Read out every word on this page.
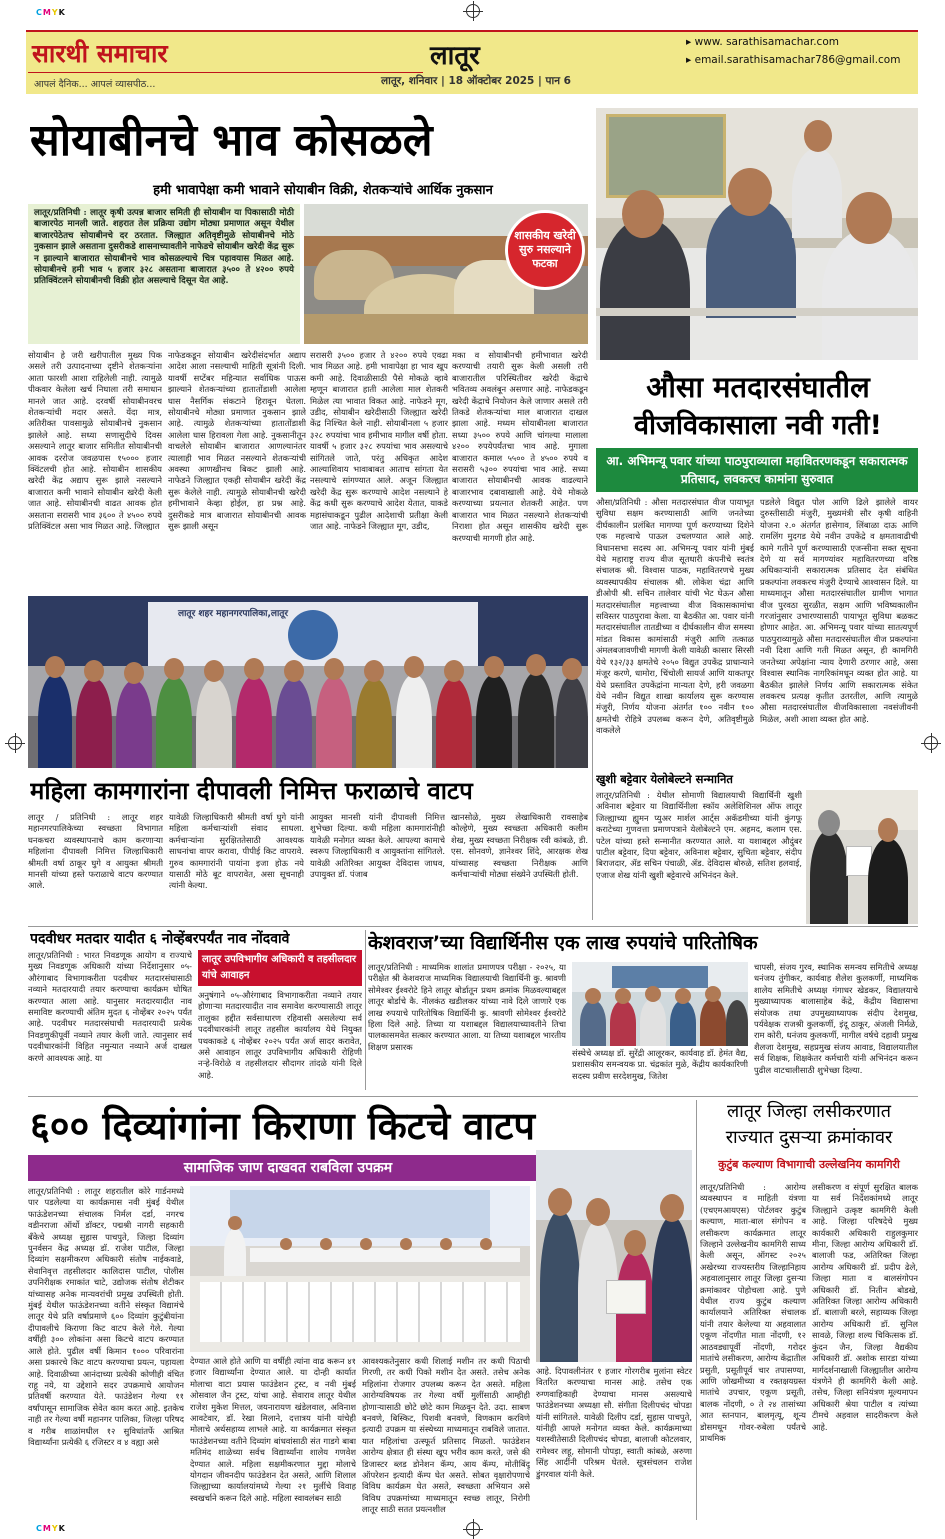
CMYK
CMYK
सारथी समाचार
आपलं दैनिक... आपलं व्यासपीठ...
लातूर
लातूर, शनिवार | 18 ऑक्टोबर 2025 | पान 6
▸ www. sarathisamachar.com
▸ email.sarathisamachar786@gmail.com
सोयाबीनचे भाव कोसळले
हमी भावापेक्षा कमी भावाने सोयाबीन विक्री, शेतकऱ्यांचे आर्थिक नुकसान
लातूर/प्रतिनिधी : लातूर कृषी उत्पन्न बाजार समिती ही सोयाबीन या पिकासाठी मोठी बाजारपेठ मानली जाते. शहरात तेल प्रक्रिया उद्योग मोठ्या प्रमाणात असून येथील बाजारपेठेतच सोयाबीनचे दर ठरतात. जिल्ह्यात अतिवृष्टीमुळे सोयाबीनचे मोठे नुकसान झाले असताना दुसरीकडे शासनाच्यावतीने नाफेडचे सोयाबीन खरेदी केंद्र सुरू न झाल्याने बाजारात सोयाबीनचे भाव कोसळल्याचे चित्र पहावयास मिळत आहे. सोयाबीनचे हमी भाव ५ हजार ३२८ असताना बाजारात ३५०० ते ४२०० रुपये प्रतिक्विंटलने सोयाबीनची विक्री होत असल्याचे दिसून येत आहे.
शासकीय खरेदी सुरु नसल्याने फटका
सोयाबीन हे जरी खरीपातील मुख्य पिक असले तरी उत्पादनाच्या दृष्टीने शेतकऱ्यांना आता फारशी आशा राहिलेली नाही. त्यामुळे पीकवार केलेला खर्च निघाला तरी समाधान मानले जात आहे. दरवर्षी सोयाबीनवरच शेतकऱ्यांची मदार असते. येंदा मात्र, अतिरीक्त पावसामुळे सोयाबीनचे नुकसान झालेले आहे. सध्या सणासुदीचे दिवस असल्याने लातूर बाजार समितीत सोयाबीनची आवक दररोज जवळपास १५००० हजार क्विंटलची होत आहे. सोयाबीन शासकीय खरेदी केंद्र अद्याप सुरू झाले नसल्याने बाजारात कमी भावाने सोयाबीन खरेदी केली जात आहे. सोयाबीनची वाढत आवक होत असताना सरासरी भाव ३६०० ते ४५०० रुपये प्रतिक्विंटल असा भाव मिळत आहे. जिल्ह्यात
नाफेडकडून सोयाबीन खरेदीसंदर्भात अद्याप आदेश आला नसल्याची माहिती सूत्रांनी दिली. यावर्षी सप्टेंबर महिन्यात सर्वाधिक पाऊस झाल्याने शेतकऱ्यांच्या हातातोंडाशी आलेला घास नैसर्गिक संकटाने हिरावून घेतला. सोयाबीनचे मोठ्या प्रमाणात नुकसान झाले आहे. त्यामुळे शेतकऱ्यांच्या हातातोंडाशी आलेला घास हिरावला गेला आहे. नुकसानीतून वाचलेले सोयाबीन बाजारात आणल्यानंतर त्यालाही भाव मिळत नसल्याने शेतकऱ्यांची अवस्था आणखीनच बिकट झाली आहे. नाफेडने जिल्ह्यात एकही सोयाबीन खरेदी केंद्र सुरू केलेले नाही. त्यामुळे सोयाबीनची खरेदी हमीभावाने केव्हा होईल, हा प्रश्न आहे. दुसरीकडे मात्र बाजारात सोयाबीनची आवक सुरू झाली असून
सरासरी ३५०० हजार ते ४२०० रुपये एवढा भाव मिळत आहे. हमी भावापेक्षा हा भाव खूप कमी आहे. दिवाळीसाठी पैसे मोकळे व्हावे म्हणून बाजारात हाती आलेला माल शेतकरी मिळेल त्या भावात विकत आहे. नाफेडने मूग, उडीद, सोयाबीन खरेदीसाठी जिल्ह्यात खरेदी केंद्र निश्चित केले नाही. सोयाबीनला ५ हजार ३२८ रुपयांचा भाव हमीभाव मागील वर्षी होता. यावर्षी ५ हजार ३२८ रुपयांचा भाव असल्याचे सांगितले जाते, परंतु अधिकृत आदेश आल्याशिवाय भावाबाबत आताच सांगता येत नसल्याचे सांगण्यात आले. अजून जिल्ह्यात खरेदी केंद्र सुरू करण्याचे आदेश नसल्याने हे केंद्र कधी सुरू करण्याचे आदेश येतात, याकडे महासंघाकडून पुढील आदेशाची प्रतीक्षा केली जात आहे. नाफेडने जिल्ह्यात मूग, उडीद,
मका व सोयाबीनची हमीभावात खरेदी करण्याची तयारी सुरू केली असली तरी बाजारातील परिस्थितीवर खरेदी केंद्राचे भवितव्य अवलंबून असणार आहे. नाफेडकडून खरेदी केंद्राचे नियोजन केले जाणार असले तरी तिकडे शेतकऱ्यांचा माल बाजारात दाखल झाला आहे. मध्यम सोयाबीनला बाजारात सध्या ३५०० रुपये आणि चांगल्या मालाला ४२०० रुपयेपर्यंतचा भाव आहे. मुगाला बाजारात कमाल ५५०० ते ४५०० रुपये व सरासरी ५३०० रुपयांचा भाव आहे. सध्या बाजारात सोयाबीनची आवक वाढल्याने बाजारभाव दबावाखाली आहे. येथे मोकळे करण्याच्या प्रयत्नात शेतकरी आहेत. पण बाजारात भाव मिळत नसल्याने शेतकऱ्यांची निराशा होत असून शासकीय खरेदी सुरू करण्याची मागणी होत आहे.
औसा मतदारसंघातील
वीजविकासाला नवी गती!
आ. अभिमन्यू पवार यांच्या पाठपुराव्याला महावितरणकडून सकारात्मक प्रतिसाद, लवकरच कामांना सुरुवात
औसा/प्रतिनिधी : औसा मतदारसंघात वीज पायाभूत सुविधा सक्षम करण्यासाठी आणि जनतेच्या दीर्घकालीन प्रलंबित मागण्या पूर्ण करण्याच्या दिशेने एक महत्त्वाचे पाऊल उचलण्यात आले आहे. विधानसभा सदस्य आ. अभिमन्यू पवार यांनी मुंबई येथे महाराष्ट्र राज्य वीज सूतधारी कंपनीचे स्वतंत्र संचालक श्री. विश्वास पाठक, महावितरणचे मुख्य व्यवस्थापकीय संचालक श्री. लोकेश चंद्रा आणि डीओपी श्री. सचिन तालेवार यांची भेट घेऊन औसा मतदारसंघातील महत्त्वाच्या वीज विकासकामांचा सविस्तर पाठपुरावा केला. या बैठकीत आ. पवार यांनी मतदारसंघातील तातडीच्या व दीर्घकालीन वीज समस्या मांडत विकास कामांसाठी मंजुरी आणि तत्काळ अंमलबजावणीची मागणी केली यावेळी कासार सिरसी येथे १३२/३३ क्षमतेचे २०५० विद्युत उपकेंद्र प्राधान्याने मंजूर करणे, धामोरा, चिंचोली सायर्ज आणि याकतपूर येथे प्रस्तावित उपकेंद्रांना मान्यता देणे, हरी जवळगा येथे नवीन विद्युत शाखा कार्यालय सुरू करण्यास मंजुरी, निर्णय योजना अंतर्गत १०० नवीन १०० क्षमतेची रोहित्रे उपलब्ध करून देणे, अतिवृष्टीमुळे वाकलेले
पडलेले विद्युत पोल आणि ढिले झालेले वायर दुरुस्तीसाठी मंजुरी, मुख्यमंत्री सौर कृषी वाहिनी योजना २.० अंतर्गत हासेगाव, लिंबाळा दाऊ आणि रामलिंग मुदगड येथे नवीन उपकेंद्रे व क्षमतावाढीची कामे गतीने पूर्ण करण्यासाठी एजन्सीना सक्त सूचना देणे या सर्व मागण्यांवर महावितरणच्या वरिष्ठ अधिकाऱ्यांनी सकारात्मक प्रतिसाद देत संबंधित प्रकल्पांना लवकरच मंजुरी देण्याचे आश्वासन दिले. या माध्यमातून औसा मतदारसंघातील ग्रामीण भागात वीज पुरवठा सुरळीत, सक्षम आणि भविष्यकालीन गरजांनुसार उभारण्यासाठी पायाभूत सुविधा बळकट होणार आहेत. आ. अभिमन्यू पवार यांच्या सातत्यपूर्ण पाठपुराव्यामुळे औसा मतदारसंघातील वीज प्रकल्पांना नवी दिशा आणि गती मिळत असून, ही कामगिरी जनतेच्या अपेक्षांना न्याय देणारी ठरणार आहे, असा विश्वास स्थानिक नागरिकांमधून व्यक्त होत आहे. या बैठकीत झालेले निर्णय आणि सकारात्मक संकेत लवकरच प्रत्यक्ष कृतीत उतरतील, आणि त्यामुळे औसा मतदारसंघातील वीजविकासाला नवसंजीवनी मिळेल, अशी आशा व्यक्त होत आहे.
लातूर शहर महानगरपालिका,लातूर
महिला कामगारांना दीपावली निमित्त फराळाचे वाटप
लातूर / प्रतिनिधी : लातूर शहर महानगरपालिकेच्या स्वच्छता विभागात घनकचरा व्यवस्थापनाचे काम करणाऱ्या महिलांना दीपावली निमित्त जिल्हाधिकारी श्रीमती वर्षा ठाकूर घुगे व आयुक्त श्रीमती मानसी यांच्या हस्ते फराळाचे वाटप करण्यात आले.
यावेळी जिल्हाधिकारी श्रीमती वर्षा घुगे यांनी महिला कर्मचाऱ्यांशी संवाद साधला. कर्मचाऱ्यांना सुरक्षिततेसाठी आवश्यक साधनांचा वापर करावा, पीपीई किट वापरावे. गुरुव कामगारांनी पायांना इजा होऊ नये यासाठी मोठे बूट वापरावेत, असा सूचनाही त्यांनी केल्या.
आयुक्त मानसी यांनी दीपावली निमित्त शुभेच्छा दिल्या. कधी महिला कामगारांनीही यावेळी मनोगत व्यक्त केले. आपल्या कामाचे स्वरूप जिल्हाधिकारी व आयुक्तांना सांगितले. यावेळी अतिरिक्त आयुक्त देविदास जाधव, उपायुक्त डॉ. पंजाब
खानसोळे, मुख्य लेखाधिकारी रावसाहेब कोल्हेणे, मुख्य स्वच्छता अधिकारी कलीम शेख, मुख्य स्वच्छता निरीक्षक रवी कांबळे, डी. एस. सोनवणे, ज्ञानेश्वर शिंदे, आरक्षक शेख यांच्यासह स्वच्छता निरीक्षक आणि कर्मचाऱ्यांची मोठ्या संख्येने उपस्थिती होती.
खुशी बट्टेवार येलोबेल्टने सन्मानित
लातूर/प्रतिनिधी : येथील सोमाणी विद्यालयाची विद्यार्थिनी खुशी अविनाश बट्टेवार या विद्यार्थिनीला स्कॉय अलेशिशिनल ऑफ लातूर जिल्ह्याच्या ह्युमन प्युअर मार्शल आर्ट्स अकॅडमीच्या यांनी कुंगफू कराटेच्या गुणवत्ता प्रमाणपत्राने येलोबेल्टने एम. अहमद, कलाम एस. पटेल यांच्या हस्ते सन्मानीत करण्यात आले. या यशाबद्दल औदुंबर पाटील बट्टेवार, दिपा बट्टेवार, अविनाश बट्टेवार, सुचिता बट्टेवार, संदीप बिराजदार, ॲड सचिन पंचाळी, ॲड. देविदास बोरुळे, सतिश हलवाई, एजाज शेख यांनी खुशी बट्टेवारचे अभिनंदन केले.
पदवीधर मतदार यादीत ६ नोव्हेंबरपर्यंत नाव नोंदवावे
लातूर उपविभागीय अधिकारी व तहसीलदार यांचे आवाहन
लातूर/प्रतिनिधी : भारत निवडणूक आयोग व राज्याचे मुख्य निवडणूक अधिकारी यांच्या निर्देशानुसार ०५-औरंगाबाद विभागाकरीता पदवीधर मतदारसंघासाठी नव्याने मतदारयादी तयार करण्याचा कार्यक्रम घोषित करण्यात आला आहे. यानुसार मतदारयादीत नाव समाविष्ट करण्याची अंतिम मुदत ६ नोव्हेंबर २०२५ पर्यंत आहे. पदवीधर मतदारसंघाची मतदारयादी प्रत्येक निवडणुकीपूर्वी नव्याने तयार केली जाते. त्यानुसार सर्व पदवीधारकांनी विहित नमुन्यात नव्याने अर्ज दाखल करणे आवश्यक आहे. या
अनुषंगाने ०५-औरंगाबाद विभागाकरीता नव्याने तयार होणाऱ्या मतदारयादीत नाव समावेश करण्यासाठी लातूर तालुका हद्दीत सर्वसाधारण रहिवासी असलेल्या सर्व पदवीधारकांनी लातूर तहसील कार्यालय येथे नियुक्त पथकाकडे ६ नोव्हेंबर २०२५ पर्यंत अर्ज सादर करावेत, असे आवाहन लातूर उपविभागीय अधिकारी रोहिणी नऱ्हे-विरोळे व तहसीलदार सौदागर तांदळे यांनी दिले आहे.
केशवराज’च्या विद्यार्थिनीस एक लाख रुपयांचे पारितोषिक
लातूर/प्रतिनिधी : माध्यमिक शालांत प्रमाणपत्र परीक्षा - २०२५, या परीक्षेत श्री केशवराज माध्यमिक विद्यालयाची विद्यार्थिनी कु. श्रावणी सोमेश्वर ईश्वरोटे हिने लातूर बोर्डातून प्रथम क्रमांक मिळवल्याबद्दल लातूर बोर्डाचे कै. नीलकंठ खडीलकर यांच्या नावे दिले जाणारे एक लाख रुपयाचे पारितोषिक विद्यार्थिनी कु. श्रावणी सोमेश्वर ईश्वरोटे हिला दिले आहे. तिच्या या यशाबद्दल विद्यालयाच्यावतीने तिचा पालकासमवेत सत्कार करण्यात आला. या तिच्या यशाबद्दल भारतीय शिक्षण प्रसारक
संस्थेचे अध्यक्ष डॉ. सुरेंद्री आलूरकर, कार्यवाह डॉ. हेमंत वैद्य, प्रशासकीय समन्वयक प्रा. चंद्रकांत मुळे, केंद्रीय कार्यकारिणी सदस्य प्रवीण सरदेशमुख, जितेश
चापसी, संजय गुरव, स्थानिक समन्वय समितीचे अध्यक्ष धनंजय तुंगीकर, कार्यवाह शैलेश कुलकर्णी, माध्यमिक शालेय समितीचे अध्यक्ष गंगाधर खेडकर, विद्यालयाचे मुख्याध्यापक बालासाहेब केंद्रे, केंद्रीय विद्यासभा संयोजक तथा उपमुख्याध्यापक संदीप देशमुख, पर्यवेक्षक राजश्री कुलकर्णी, इंदू ठाकूर, अंजली निर्मळे, राम कोरी, धनंजय कुलकर्णी, मागील वर्षचे दहावी प्रमुख शैलजा देशमुख, सहप्रमुख संजय आवाड, विद्यालयातील सर्व शिक्षक, शिक्षकेतर कर्मचारी यांनी अभिनंदन करून पुढील वाटचालीसाठी शुभेच्छा दिल्या.
६०० दिव्यांगांना किराणा किटचे वाटप
सामाजिक जाण दाखवत राबविला उपक्रम
लातूर/प्रतिनिधी : लातूर शहरातील कोरे गार्डनमध्ये पार पडलेल्या या कार्यक्रमास नवी मुंबई येथील फाऊंडेशनच्या संचालक निर्मल दर्डा, नगरच वडीनराजा ऑर्थो डॉक्टर, पद्मश्री नागरी सहकारी बँकेचे अध्यक्ष सुहास पाचपुते, जिल्हा दिव्यांग पुनर्वसन केंद्र अध्यक्ष डॉ. राजेश पाटील, जिल्हा दिव्यांग सक्षमीकरण अधिकारी संतोष नाईकवाडे, सेवानिवृत्त तहसीलदार कालिदास पाटील, पोलीस उपनिरीक्षक रमाकांत चाटे, उद्योजक संतोष शेटीकर यांच्यासह अनेक मान्यवरांची प्रमुख उपस्थिती होती. मुंबई येथील फाऊंडेशनच्या वतीने संस्कृत विद्यामंचे लातूर येथे प्रति वर्षाप्रमाणे ६०० दिव्यांग कुटुंबीयांना दीपावलीचे किराणा किट वाटप केले गेले. गेल्या वर्षीही ३०० लोकांना असा किटचे वाटप करण्यात आले होते. पुढील वर्षी किमान १००० परिवारांना असा प्रकारचे किट वाटप करण्याचा प्रयत्न, पहायला आहे. दिवाळीच्या आनंदाच्या प्रत्येकी कोणीही वंचित राहू नये, या उद्देशाने सदर उपक्रमाचे आयोजन प्रतिवर्षी करण्यात येते. फाउंडेशन गेल्या ११ वर्षांपासून सामाजिक सेवेत काम करत आहे. इतकेच नाही तर गेल्या वर्षी महानगर पालिका, जिल्हा परिषद व गरीब शाळांमधील १२ सुविधांतर्फे आश्रित विद्यार्थ्यांना प्रत्येकी ६ रजिस्टर व ४ वह्या असे
देण्यात आले होते आणि या वर्षीही त्यांना वाढ करून ४१ हजार विद्यार्थ्यांना देण्यात आले. या दोन्ही कार्यात मोलाचा वाटा प्रयास फाउंडेशन ट्रस्ट, व नवी मुंबई ओसवाल जैन ट्रस्ट, यांचा आहे. सेवाराव लातूर येथील राजेश मुकेश मित्तल, जयनारायण खंडेलवाल, अविनाश आवटेवार, डॉ. रेखा मिलाने, दत्तात्रय यांनी यांचेही मोलाचे अर्थसहाय्य लाभले आहे. या कार्यक्रमात संस्कृत फाउंडेशनच्या वतीने दिव्यांग बांधवांसाठी संत गाडगे बाबा मतिमंद शाळेच्या सर्वच विद्यार्थ्यांना शालेय गणवेश देण्यात आले. महिला सक्षमीकरणात मुद्दा मोलाचे योगदान जीवनदीप फाउंडेशन देत असते, आणि शिलाल जिल्ह्याच्या कार्यालयांमध्ये गेल्या २१ मुलींचे विवाह स्वखर्चाने करून दिले आहे. महिला स्वावलंबन साठी
आवश्यकतेनुसार कधी शिलाई मशीन तर कधी पिठाची गिरणी, तर कधी पिको मशीन देत असते. तसेच अनेक महिलांना रोजगार उपलब्ध करून देत असते. महिला आरोग्यविषयक तर गेल्या वर्षी मुलींसाठी आम्हीही होणाऱ्यासाठी छोटे छोटे काम मिळवून देते. उदा. साबण बनवणे, बिस्किट, पिशवी बनवणे, विणकाम करविणे इत्यादी उपक्रम या संस्थेच्या माध्यमातून राबविले जातात. यात महिलांचा उत्स्फूर्त प्रतिसाद मिळतो. फाउंडेशन आरोग्य क्षेत्रात ही संस्था खूप भरीव काम करते, जसे की डिजास्टर ब्लड डोनेशन कॅम्प, आय कॅम्प, मोतीबिंदू ऑपरेशन इत्यादी कॅम्प घेत असते. सोबत वृक्षारोपणाचे विविध कार्यक्रम घेत असते, स्वच्छता अभियान असे विविध उपक्रमांच्या माध्यमातून स्वच्छ लातूर, निरोगी लातूर साठी सतत प्रयत्नशील
आहे. दिपावलीनंतर १ हजार गोरगरीब मुलांना स्वेटर वितरित करण्याचा मानस आहे. तसेच एक रुग्णवाहिकाही देण्याचा मानस असल्याचे फाउंडेशनच्या अध्यक्षा सौ. संगीता दिलीपचंद चोपडा यांनी सांगितले. यावेळी दिलीप दर्डा, सुहास पाचपुते, यांनीही आपले मनोगत व्यक्त केले. कार्यक्रमाच्या यशस्वीतेसाठी दिलीपचंद चोपडा, बालाजी कोटलवार, रामेश्वर लहू, सोमानी पोपड़ा, स्वाती कांबळे, अरुणा सिंह आदींनी परिश्रम घेतले. सूत्रसंचलन राजेश डुंगरवाल यांनी केले.
लातूर जिल्हा लसीकरणात
राज्यात दुसऱ्या क्रमांकावर
कुटुंब कल्याण विभागाची उल्लेखनिय कामगिरी
लातूर/प्रतिनिधी : आरोग्य व्यवस्थापन व माहिती यंत्रणा (एचएमआयएस) पोर्टलवर कुटुंब कल्याण, माता-बाल संगोपन व लसीकरण कार्यक्रमात लातूर जिल्हाने उल्लेखनीय कामगिरी साध्य केली असून, ऑगस्ट २०२५ अखेरच्या राज्यस्तरीय जिल्हानिहाय अहवालानुसार लातूर जिल्हा दुसऱ्या क्रमांकावर पोहोचला आहे. पुणे येथील राज्य कुटुंब कल्याण कार्यालयाने अतिरिक्त संचालक यांनी तयार केलेल्या या अहवालात एकूण नोंदणीत माता नोंदणी, १२ आठवड्यापूर्वी नोंदणी, गरोदर मातांचे लसीकरण, आरोग्य केंद्रातील प्रसुती, प्रसूतीपूर्व चार तपासण्या, आणि जोखमीच्या व रक्तक्षयग्रस्त मातांचे उपचार, एकूण प्रसूती, बालक नोंदणी, ० ते २४ तासांच्या आत स्तनपान, बालमृत्यू, शून्य डोसमधून गोवर-रुबेला पर्यंतचे प्राथमिक
लसीकरण व संपूर्ण सुरक्षित बालक या सर्व निर्देशकांमध्ये लातूर जिल्ह्याने उत्कृष्ट कामगिरी केली आहे. जिल्हा परिषदेचे मुख्य कार्यकारी अधिकारी राहुलकुमार मीना, जिल्हा आरोग्य अधिकारी डॉ. बालाजी फड, अतिरिक्त जिल्हा आरोग्य अधिकारी डॉ. प्रदीप ढेले, जिल्हा माता व बालसंगोपन अधिकारी डॉ. नितीन बोडखे, अतिरिक्त जिल्हा आरोग्य अधिकारी डॉ. बालाजी बरले, सहाय्यक जिल्हा आरोग्य अधिकारी डॉ. सुनिल सावळे, जिल्हा शल्य चिकित्सक डॉ. कुंदन जैन, जिल्हा वैद्यकीय अधिकारी डॉ. अशोक सारडा यांच्या मार्गदर्शनाखाली जिल्ह्यातील आरोग्य यंत्रणेने ही कामगिरी केली आहे. तसेच, जिल्हा सनियंत्रण मूल्यमापन अधिकारी श्रेया पाटील व त्यांच्या टीमचे अहवाल सादरीकरण केले आहे.
